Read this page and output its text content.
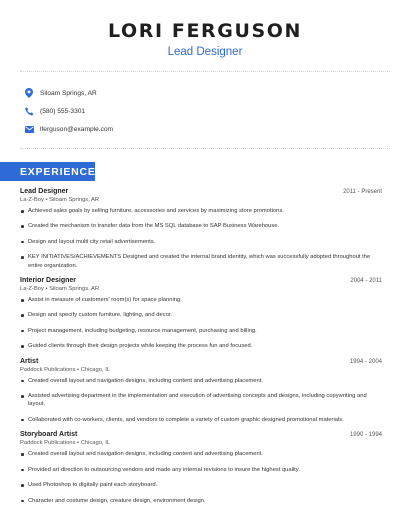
LORI FERGUSON
Lead Designer
Siloam Springs, AR
(580) 555-3301
lferguson@example.com
EXPERIENCE
Lead Designer	2011 - Present
La-Z-Boy • Siloam Springs, AR
Achieved sales goals by selling furniture, accessories and services by maximizing store promotions.
Created the mechanism to transfer data from the MS SQL database to SAP Business Warehouse.
Design and layout multi city retail advertisements.
KEY INITIATIVES/ACHIEVEMENTS Designed and created the internal brand identity, which was successfully adopted throughout the entire organization.
Interior Designer	2004 - 2011
La-Z-Boy • Siloam Springs, AR
Assist in measure of customers' room(s) for space planning.
Design and specify custom furniture, lighting, and decor.
Project management, including budgeting, resource management, purchasing and billing.
Guided clients through their design projects while keeping the process fun and focused.
Artist	1994 - 2004
Paddock Publications • Chicago, IL
Created overall layout and navigation designs, including content and advertising placement.
Assisted advertising department in the implementation and execution of advertising concepts and designs, including copywriting and layout.
Collaborated with co-workers, clients, and vendors to complete a variety of custom graphic designed promotional materials.
Storyboard Artist	1990 - 1994
Paddock Publications • Chicago, IL
Created overall layout and navigation designs, including content and advertising placement.
Provided art direction to outsourcing vendors and made any internal revisions to insure the highest quality.
Used Photoshop to digitally paint each storyboard.
Character and costume design, creature design, environment design.
